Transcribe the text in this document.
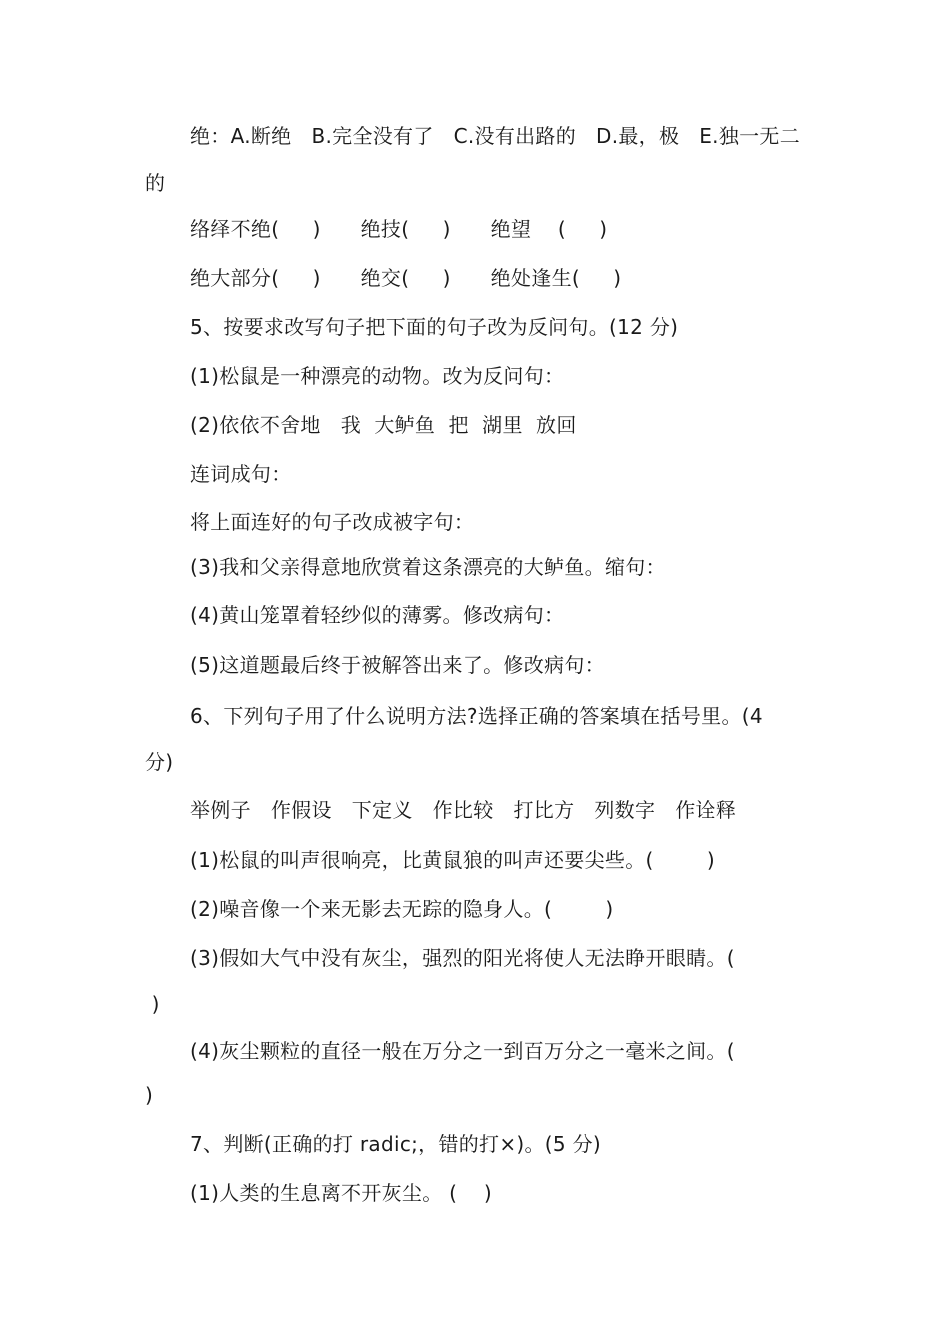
绝：A.断绝   B.完全没有了   C.没有出路的   D.最，极   E.独一无二
的
络绎不绝(     )      绝技(     )      绝望    (     )
绝大部分(     )      绝交(     )      绝处逢生(     )
5、按要求改写句子把下面的句子改为反问句。(12 分)
(1)松鼠是一种漂亮的动物。改为反问句：
(2)依依不舍地   我  大鲈鱼  把  湖里  放回
连词成句：
将上面连好的句子改成被字句：
(3)我和父亲得意地欣赏着这条漂亮的大鲈鱼。缩句：
(4)黄山笼罩着轻纱似的薄雾。修改病句：
(5)这道题最后终于被解答出来了。修改病句：
6、下列句子用了什么说明方法?选择正确的答案填在括号里。(4
分)
举例子   作假设   下定义   作比较   打比方   列数字   作诠释
(1)松鼠的叫声很响亮，比黄鼠狼的叫声还要尖些。(        )
(2)噪音像一个来无影去无踪的隐身人。(        )
(3)假如大气中没有灰尘，强烈的阳光将使人无法睁开眼睛。(
)
(4)灰尘颗粒的直径一般在万分之一到百万分之一毫米之间。(
)
7、判断(正确的打 radic;，错的打×)。(5 分)
(1)人类的生息离不开灰尘。 (    )
